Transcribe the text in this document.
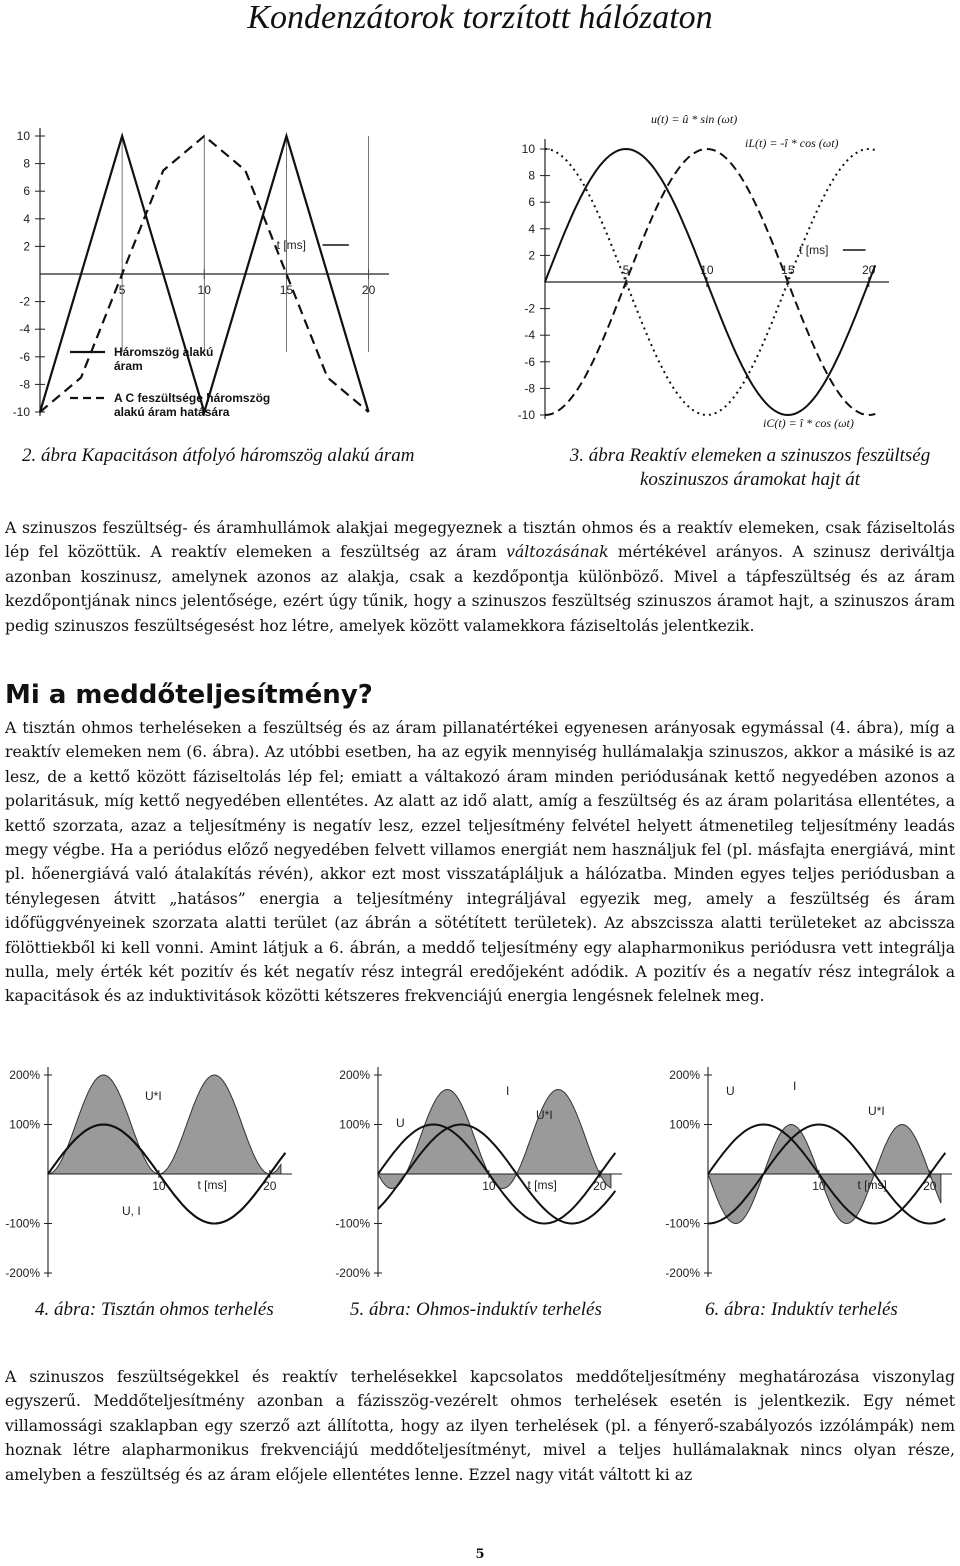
Kondenzátorok torzított hálózaton
10
8
6
4
2
-2
-4
-6
-8
-10
5	10	15	20
t [ms]
Háromszög alakú
áram
A C feszültsége háromszög
alakú áram hatására
2. ábra Kapacitáson átfolyó háromszög alakú áram
10
8
6
4
2
-2
-4
-6
-8
-10
5	10	15	20
t [ms]
u(t) = û * sin (ωt)
iL(t) = -î * cos (ωt)
iC(t) = î * cos (ωt)
3. ábra Reaktív elemeken a szinuszos feszültség
koszinuszos áramokat hajt át
A szinuszos feszültség- és áramhullámok alakjai megegyeznek a tisztán ohmos és a reaktív elemeken, csak fáziseltolás lép fel közöttük. A reaktív elemeken a feszültség az áram változásának mértékével arányos. A szinusz deriváltja azonban koszinusz, amelynek azonos az alakja, csak a kezdőpontja különböző. Mivel a tápfeszültség és az áram kezdőpontjának nincs jelentősége, ezért úgy tűnik, hogy a szinuszos feszültség szinuszos áramot hajt, a szinuszos áram pedig szinuszos feszültségesést hoz létre, amelyek között valamekkora fáziseltolás jelentkezik.
Mi a meddőteljesítmény?
A tisztán ohmos terheléseken a feszültség és az áram pillanatértékei egyenesen arányosak egymással (4. ábra), míg a reaktív elemeken nem (6. ábra). Az utóbbi esetben, ha az egyik mennyiség hullámalakja szinuszos, akkor a másiké is az lesz, de a kettő között fáziseltolás lép fel; emiatt a váltakozó áram minden periódusának kettő negyedében azonos a polaritásuk, míg kettő negyedében ellentétes. Az alatt az idő alatt, amíg a feszültség és az áram polaritása ellentétes, a kettő szorzata, azaz a teljesítmény is negatív lesz, ezzel teljesítmény felvétel helyett átmenetileg teljesítmény leadás megy végbe. Ha a periódus előző negyedében felvett villamos energiát nem használjuk fel (pl. másfajta energiává, mint pl. hőenergiává való átalakítás révén), akkor ezt most visszatápláljuk a hálózatba. Minden egyes teljes periódusban a ténylegesen átvitt „hatásos” energia a teljesítmény integráljával egyezik meg, amely a feszültség és áram időfüggvényeinek szorzata alatti terület (az ábrán a sötétített területek). Az abszcissza alatti területeket az abcissza fölöttiekből ki kell vonni. Amint látjuk a 6. ábrán, a meddő teljesítmény egy alapharmonikus periódusra vett integrálja nulla, mely érték két pozitív és két negatív rész integrál eredőjeként adódik. A pozitív és a negatív rész integrálok a kapacitások és az induktivitások közötti kétszeres frekvenciájú energia lengésnek felelnek meg.
200%
100%
-100%
-200%
10	20
t [ms]
U*I
U, I
200%
100%
-100%
-200%
10	20
t [ms]
U
I
U*I
200%
100%
-100%
-200%
10	20
t [ms]
U	I
U*I
4. ábra: Tisztán ohmos terhelés	5. ábra: Ohmos-induktív terhelés	6. ábra: Induktív terhelés
A szinuszos feszültségekkel és reaktív terhelésekkel kapcsolatos meddőteljesítmény meghatározása viszonylag egyszerű. Meddőteljesítmény azonban a fázisszög-vezérelt ohmos terhelések esetén is jelentkezik. Egy német villamossági szaklapban egy szerző azt állította, hogy az ilyen terhelések (pl. a fényerő-szabályozós izzólámpák) nem hoznak létre alapharmonikus frekvenciájú meddőteljesítményt, mivel a teljes hullámalaknak nincs olyan része, amelyben a feszültség és az áram előjele ellentétes lenne. Ezzel nagy vitát váltott ki az
5
